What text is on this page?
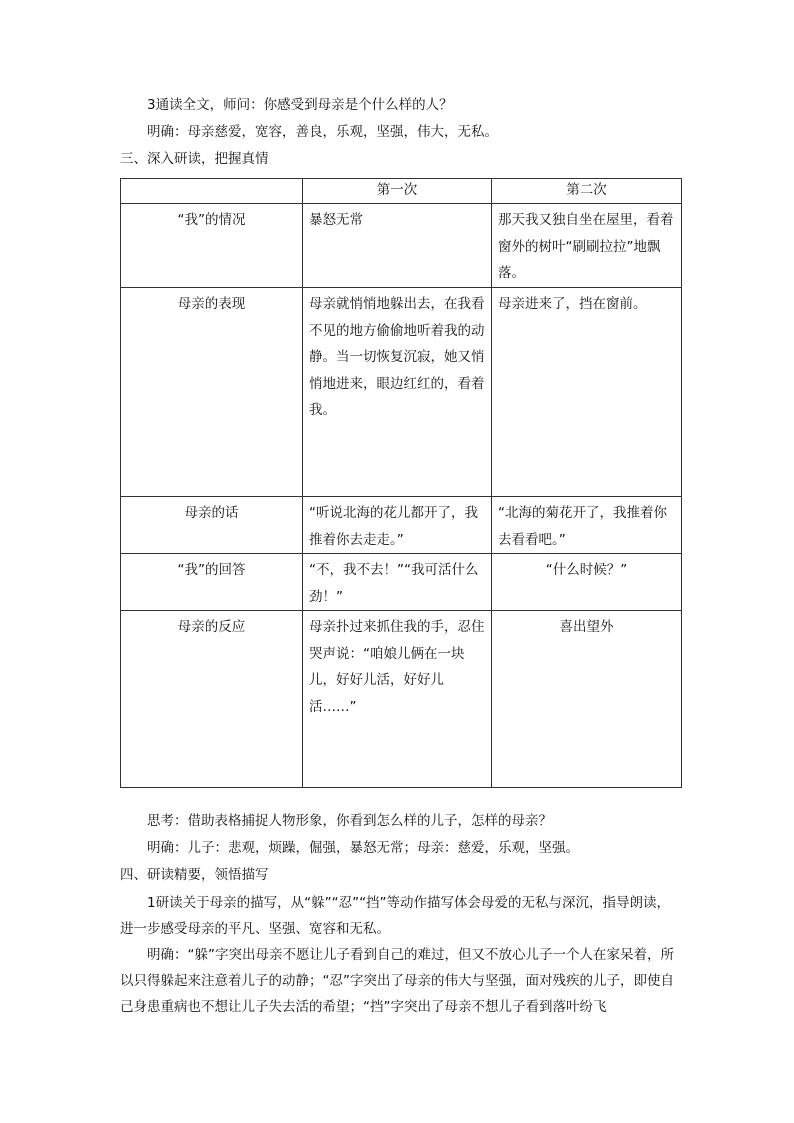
3通读全文，师问：你感受到母亲是个什么样的人？
明确：母亲慈爱，宽容，善良，乐观，坚强，伟大，无私。
三、深入研读，把握真情
	第一次	第二次
“我”的情况	暴怒无常	那天我又独自坐在屋里，看着窗外的树叶“刷刷拉拉”地飘落。
母亲的表现	母亲就悄悄地躲出去，在我看不见的地方偷偷地听着我的动静。当一切恢复沉寂，她又悄悄地进来，眼边红红的，看着我。	母亲进来了，挡在窗前。
母亲的话	“听说北海的花儿都开了，我推着你去走走。”	“北海的菊花开了，我推着你去看看吧。”
“我”的回答	“不，我不去！”“我可活什么劲！”	“什么时候？”
母亲的反应	母亲扑过来抓住我的手，忍住哭声说：“咱娘儿俩在一块儿，好好儿活，好好儿活……”	喜出望外
思考：借助表格捕捉人物形象，你看到怎么样的儿子，怎样的母亲？
明确：儿子：悲观，烦躁，倔强，暴怒无常；母亲：慈爱，乐观，坚强。
四、研读精要，领悟描写

1研读关于母亲的描写，从“躲”“忍”“挡”等动作描写体会母爱的无私与深沉，指导朗读，进一步感受母亲的平凡、坚强、宽容和无私。

明确：“躲”字突出母亲不愿让儿子看到自己的难过，但又不放心儿子一个人在家呆着，所以只得躲起来注意着儿子的动静；“忍”字突出了母亲的伟大与坚强，面对残疾的儿子，即使自己身患重病也不想让儿子失去活的希望；“挡”字突出了母亲不想儿子看到落叶纷飞
